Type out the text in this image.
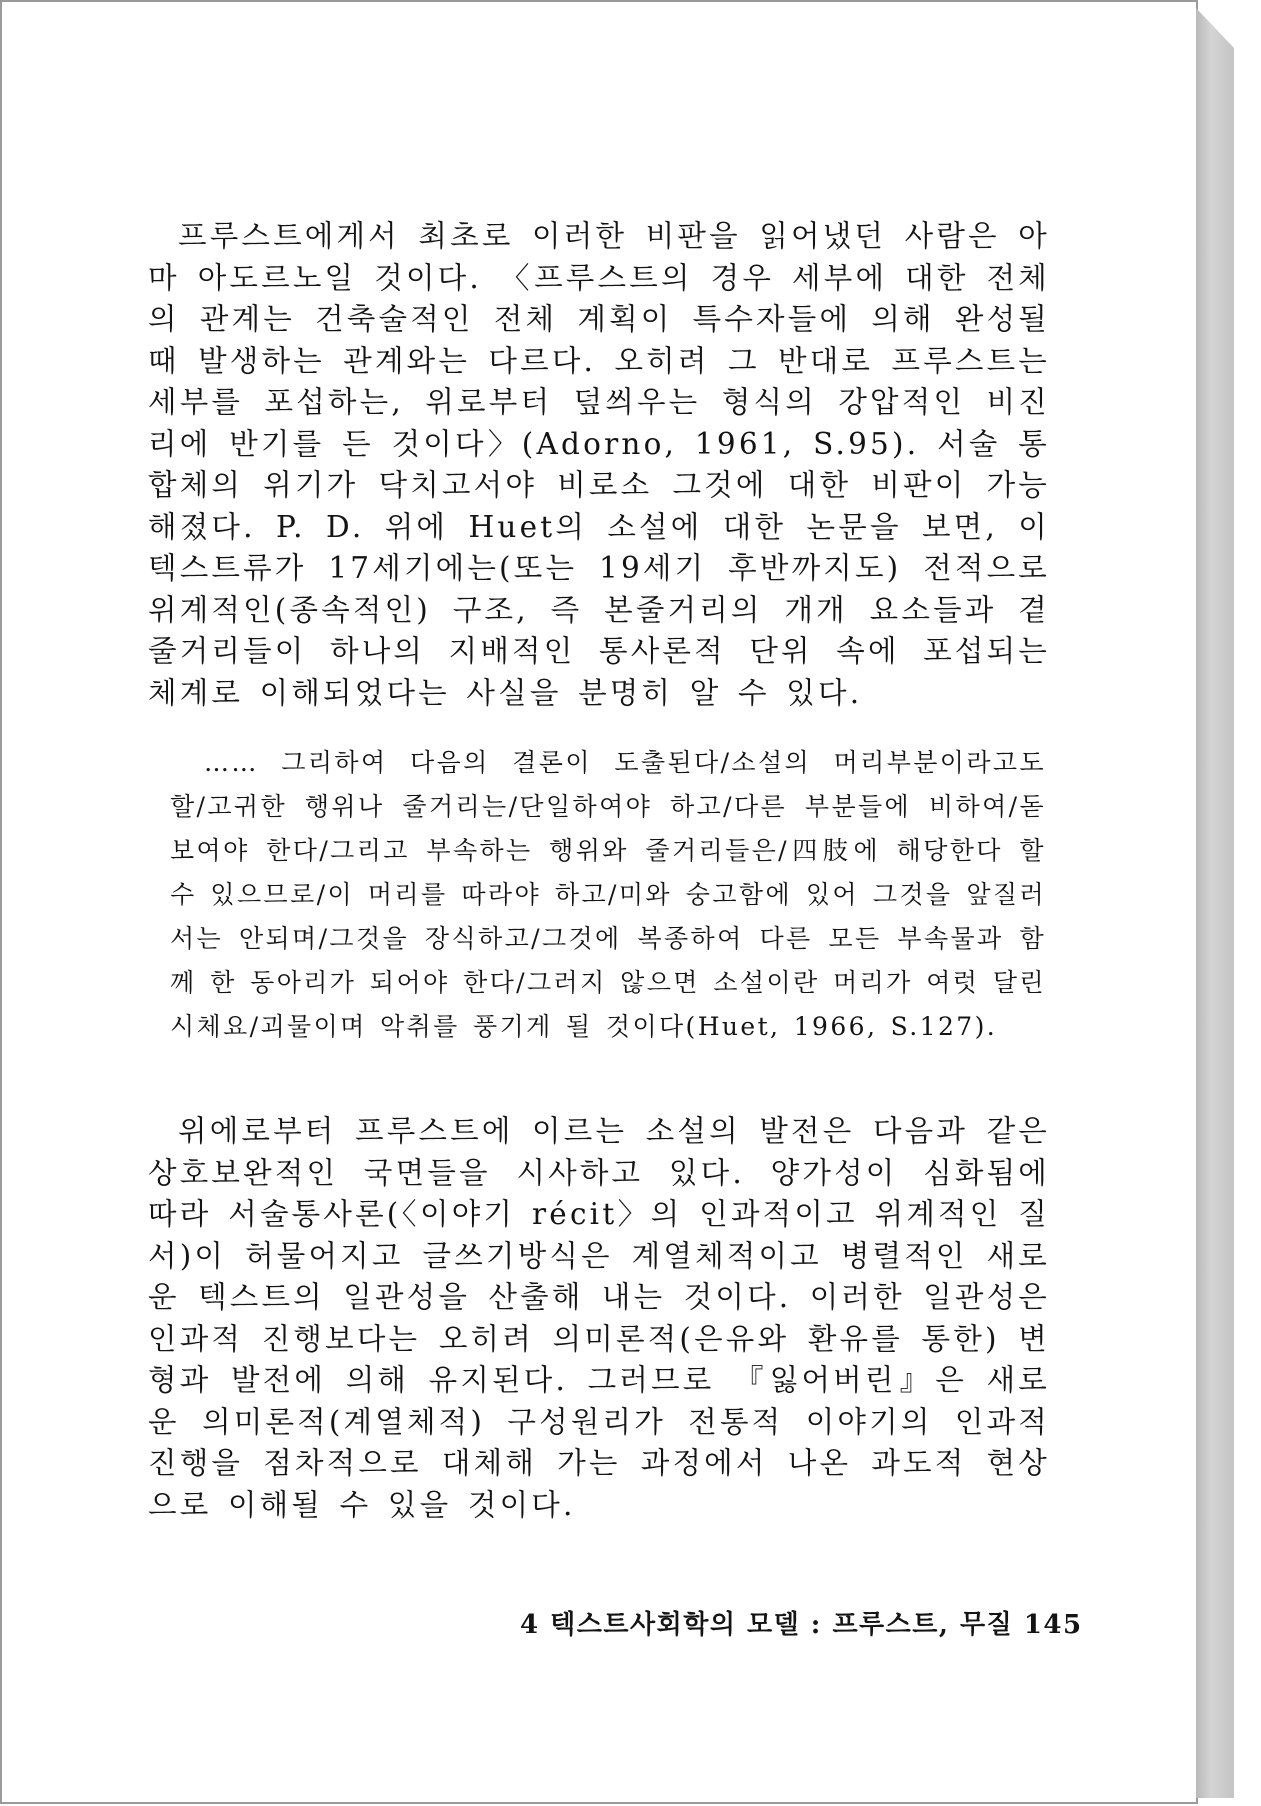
프루스트에게서 최초로 이러한 비판을 읽어냈던 사람은 아마 아도르노일 것이다. 〈프루스트의 경우 세부에 대한 전체의 관계는 건축술적인 전체 계획이 특수자들에 의해 완성될 때 발생하는 관계와는 다르다. 오히려 그 반대로 프루스트는 세부를 포섭하는, 위로부터 덮씌우는 형식의 강압적인 비진리에 반기를 든 것이다〉(Adorno, 1961, S.95). 서술 통합체의 위기가 닥치고서야 비로소 그것에 대한 비판이 가능해졌다. P. D. 위에 Huet의 소설에 대한 논문을 보면, 이 텍스트류가 17세기에는(또는 19세기 후반까지도) 전적으로 위계적인(종속적인) 구조, 즉 본줄거리의 개개 요소들과 곁줄거리들이 하나의 지배적인 통사론적 단위 속에 포섭되는 체계로 이해되었다는 사실을 분명히 알 수 있다.

…… 그리하여 다음의 결론이 도출된다/소설의 머리부분이라고도 할/고귀한 행위나 줄거리는/단일하여야 하고/다른 부분들에 비하여/돋보여야 한다/그리고 부속하는 행위와 줄거리들은/四肢에 해당한다 할 수 있으므로/이 머리를 따라야 하고/미와 숭고함에 있어 그것을 앞질러서는 안되며/그것을 장식하고/그것에 복종하여 다른 모든 부속물과 함께 한 동아리가 되어야 한다/그러지 않으면 소설이란 머리가 여럿 달린 시체요/괴물이며 악취를 풍기게 될 것이다(Huet, 1966, S.127).

위에로부터 프루스트에 이르는 소설의 발전은 다음과 같은 상호보완적인 국면들을 시사하고 있다. 양가성이 심화됨에 따라 서술통사론(〈이야기 récit〉의 인과적이고 위계적인 질서)이 허물어지고 글쓰기방식은 계열체적이고 병렬적인 새로운 텍스트의 일관성을 산출해 내는 것이다. 이러한 일관성은 인과적 진행보다는 오히려 의미론적(은유와 환유를 통한) 변형과 발전에 의해 유지된다. 그러므로 『잃어버린』은 새로운 의미론적(계열체적) 구성원리가 전통적 이야기의 인과적 진행을 점차적으로 대체해 가는 과정에서 나온 과도적 현상으로 이해될 수 있을 것이다.

4 텍스트사회학의 모델 : 프루스트, 무질 145
